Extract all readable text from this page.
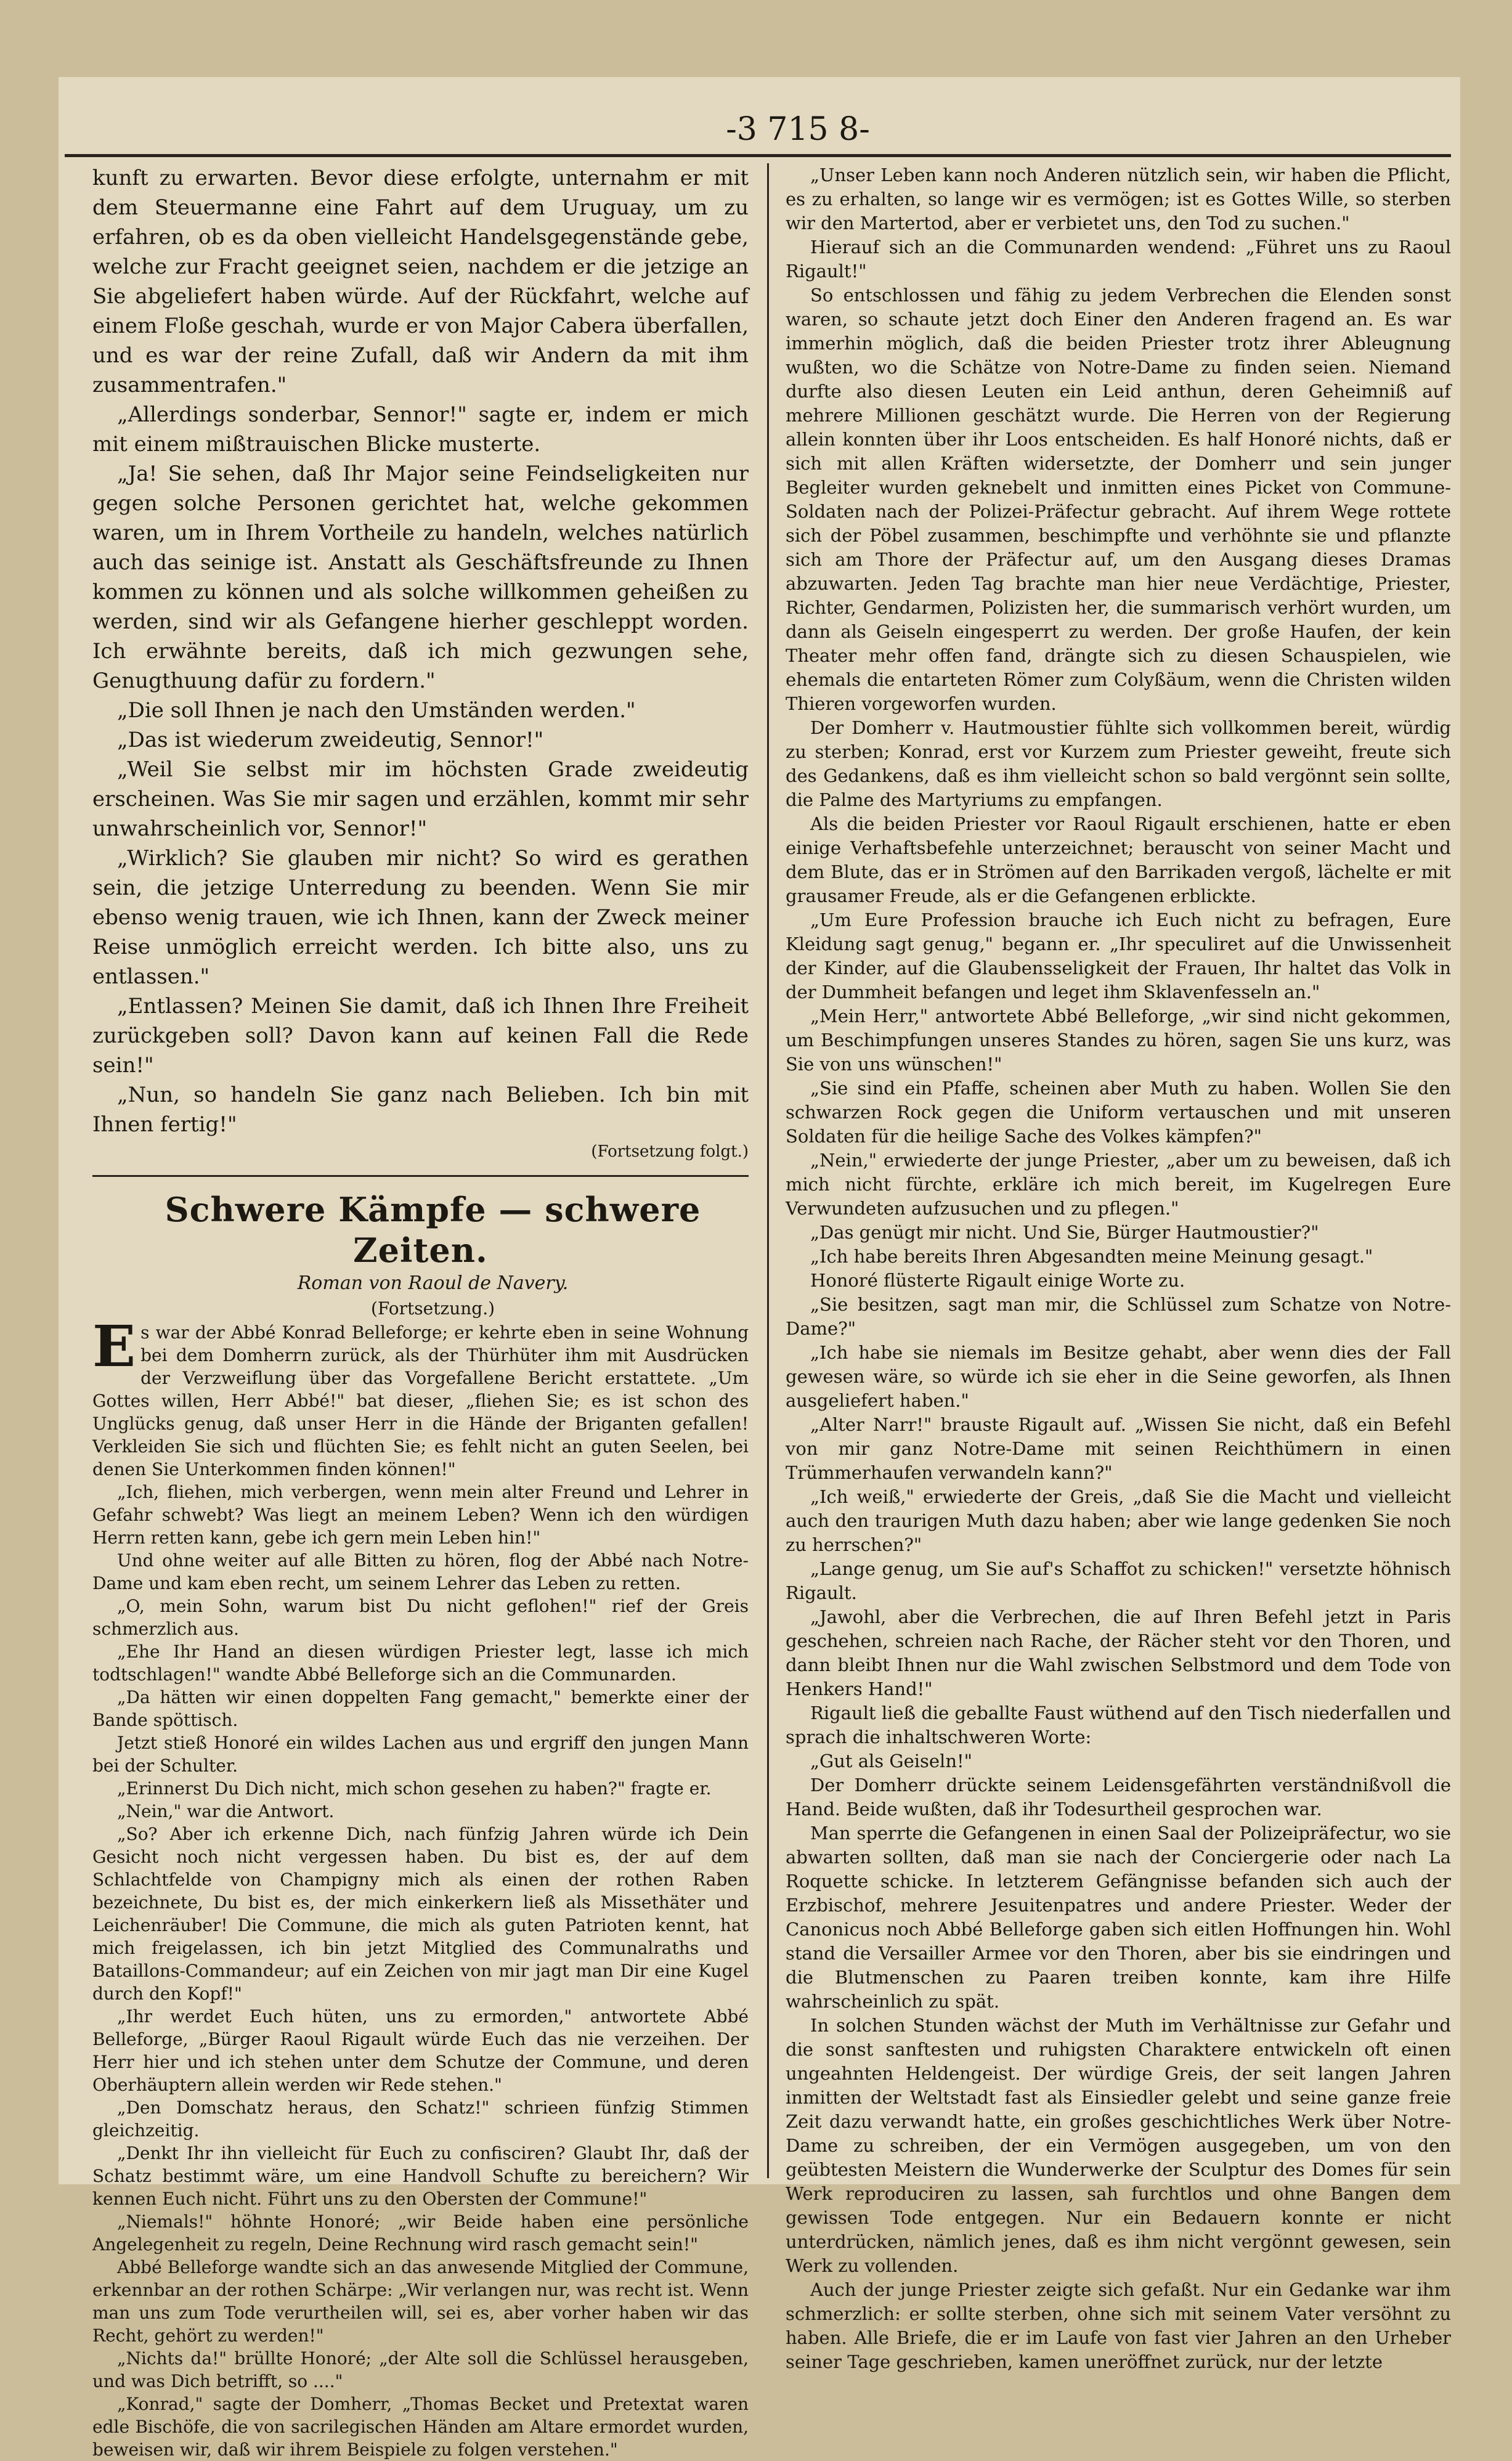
-3 715 8-

kunft zu erwarten. Bevor diese erfolgte, unternahm er mit dem Steuermanne eine Fahrt auf dem Uruguay, um zu erfahren, ob es da oben vielleicht Handelsgegenstände gebe, welche zur Fracht geeignet seien, nachdem er die jetzige an Sie abgeliefert haben würde. Auf der Rückfahrt, welche auf einem Floße geschah, wurde er von Major Cabera überfallen, und es war der reine Zufall, daß wir Andern da mit ihm zusammentrafen."

„Allerdings sonderbar, Sennor!" sagte er, indem er mich mit einem mißtrauischen Blicke musterte.

„Ja! Sie sehen, daß Ihr Major seine Feindseligkeiten nur gegen solche Personen gerichtet hat, welche gekommen waren, um in Ihrem Vortheile zu handeln, welches natürlich auch das seinige ist. Anstatt als Geschäftsfreunde zu Ihnen kommen zu können und als solche willkommen geheißen zu werden, sind wir als Gefangene hierher geschleppt worden. Ich erwähnte bereits, daß ich mich gezwungen sehe, Genugthuung dafür zu fordern."

„Die soll Ihnen je nach den Umständen werden."

„Das ist wiederum zweideutig, Sennor!"

„Weil Sie selbst mir im höchsten Grade zweideutig erscheinen. Was Sie mir sagen und erzählen, kommt mir sehr unwahrscheinlich vor, Sennor!"

„Wirklich? Sie glauben mir nicht? So wird es gerathen sein, die jetzige Unterredung zu beenden. Wenn Sie mir ebenso wenig trauen, wie ich Ihnen, kann der Zweck meiner Reise unmöglich erreicht werden. Ich bitte also, uns zu entlassen."

„Entlassen? Meinen Sie damit, daß ich Ihnen Ihre Freiheit zurückgeben soll? Davon kann auf keinen Fall die Rede sein!"

„Nun, so handeln Sie ganz nach Belieben. Ich bin mit Ihnen fertig!"

(Fortsetzung folgt.)

Schwere Kämpfe — schwere Zeiten.

Roman von Raoul de Navery.

(Fortsetzung.)

Es war der Abbé Konrad Belleforge; er kehrte eben in seine Wohnung bei dem Domherrn zurück, als der Thürhüter ihm mit Ausdrücken der Verzweiflung über das Vorgefallene Bericht erstattete. „Um Gottes willen, Herr Abbé!" bat dieser, „fliehen Sie; es ist schon des Unglücks genug, daß unser Herr in die Hände der Briganten gefallen! Verkleiden Sie sich und flüchten Sie; es fehlt nicht an guten Seelen, bei denen Sie Unterkommen finden können!"

„Ich, fliehen, mich verbergen, wenn mein alter Freund und Lehrer in Gefahr schwebt? Was liegt an meinem Leben? Wenn ich den würdigen Herrn retten kann, gebe ich gern mein Leben hin!"

Und ohne weiter auf alle Bitten zu hören, flog der Abbé nach Notre-Dame und kam eben recht, um seinem Lehrer das Leben zu retten.

„O, mein Sohn, warum bist Du nicht geflohen!" rief der Greis schmerzlich aus.

„Ehe Ihr Hand an diesen würdigen Priester legt, lasse ich mich todtschlagen!" wandte Abbé Belleforge sich an die Communarden.

„Da hätten wir einen doppelten Fang gemacht," bemerkte einer der Bande spöttisch.

Jetzt stieß Honoré ein wildes Lachen aus und ergriff den jungen Mann bei der Schulter.

„Erinnerst Du Dich nicht, mich schon gesehen zu haben?" fragte er.

„Nein," war die Antwort.

„So? Aber ich erkenne Dich, nach fünfzig Jahren würde ich Dein Gesicht noch nicht vergessen haben. Du bist es, der auf dem Schlachtfelde von Champigny mich als einen der rothen Raben bezeichnete, Du bist es, der mich einkerkern ließ als Missethäter und Leichenräuber! Die Commune, die mich als guten Patrioten kennt, hat mich freigelassen, ich bin jetzt Mitglied des Communalraths und Bataillons-Commandeur; auf ein Zeichen von mir jagt man Dir eine Kugel durch den Kopf!"

„Ihr werdet Euch hüten, uns zu ermorden," antwortete Abbé Belleforge, „Bürger Raoul Rigault würde Euch das nie verzeihen. Der Herr hier und ich stehen unter dem Schutze der Commune, und deren Oberhäuptern allein werden wir Rede stehen."

„Den Domschatz heraus, den Schatz!" schrieen fünfzig Stimmen gleichzeitig.

„Denkt Ihr ihn vielleicht für Euch zu confisciren? Glaubt Ihr, daß der Schatz bestimmt wäre, um eine Handvoll Schufte zu bereichern? Wir kennen Euch nicht. Führt uns zu den Obersten der Commune!"

„Niemals!" höhnte Honoré; „wir Beide haben eine persönliche Angelegenheit zu regeln, Deine Rechnung wird rasch gemacht sein!"

Abbé Belleforge wandte sich an das anwesende Mitglied der Commune, erkennbar an der rothen Schärpe: „Wir verlangen nur, was recht ist. Wenn man uns zum Tode verurtheilen will, sei es, aber vorher haben wir das Recht, gehört zu werden!"

„Nichts da!" brüllte Honoré; „der Alte soll die Schlüssel herausgeben, und was Dich betrifft, so ...."

„Konrad," sagte der Domherr, „Thomas Becket und Pretextat waren edle Bischöfe, die von sacrilegischen Händen am Altare ermordet wurden, beweisen wir, daß wir ihrem Beispiele zu folgen verstehen."

„Unser Leben kann noch Anderen nützlich sein, wir haben die Pflicht, es zu erhalten, so lange wir es vermögen; ist es Gottes Wille, so sterben wir den Martertod, aber er verbietet uns, den Tod zu suchen."

Hierauf sich an die Communarden wendend: „Führet uns zu Raoul Rigault!"

So entschlossen und fähig zu jedem Verbrechen die Elenden sonst waren, so schaute jetzt doch Einer den Anderen fragend an. Es war immerhin möglich, daß die beiden Priester trotz ihrer Ableugnung wußten, wo die Schätze von Notre-Dame zu finden seien. Niemand durfte also diesen Leuten ein Leid anthun, deren Geheimniß auf mehrere Millionen geschätzt wurde. Die Herren von der Regierung allein konnten über ihr Loos entscheiden. Es half Honoré nichts, daß er sich mit allen Kräften widersetzte, der Domherr und sein junger Begleiter wurden geknebelt und inmitten eines Picket von Commune-Soldaten nach der Polizei-Präfectur gebracht. Auf ihrem Wege rottete sich der Pöbel zusammen, beschimpfte und verhöhnte sie und pflanzte sich am Thore der Präfectur auf, um den Ausgang dieses Dramas abzuwarten. Jeden Tag brachte man hier neue Verdächtige, Priester, Richter, Gendarmen, Polizisten her, die summarisch verhört wurden, um dann als Geiseln eingesperrt zu werden. Der große Haufen, der kein Theater mehr offen fand, drängte sich zu diesen Schauspielen, wie ehemals die entarteten Römer zum Colyßäum, wenn die Christen wilden Thieren vorgeworfen wurden.

Der Domherr v. Hautmoustier fühlte sich vollkommen bereit, würdig zu sterben; Konrad, erst vor Kurzem zum Priester geweiht, freute sich des Gedankens, daß es ihm vielleicht schon so bald vergönnt sein sollte, die Palme des Martyriums zu empfangen.

Als die beiden Priester vor Raoul Rigault erschienen, hatte er eben einige Verhaftsbefehle unterzeichnet; berauscht von seiner Macht und dem Blute, das er in Strömen auf den Barrikaden vergoß, lächelte er mit grausamer Freude, als er die Gefangenen erblickte.

„Um Eure Profession brauche ich Euch nicht zu befragen, Eure Kleidung sagt genug," begann er. „Ihr speculiret auf die Unwissenheit der Kinder, auf die Glaubensseligkeit der Frauen, Ihr haltet das Volk in der Dummheit befangen und leget ihm Sklavenfesseln an."

„Mein Herr," antwortete Abbé Belleforge, „wir sind nicht gekommen, um Beschimpfungen unseres Standes zu hören, sagen Sie uns kurz, was Sie von uns wünschen!"

„Sie sind ein Pfaffe, scheinen aber Muth zu haben. Wollen Sie den schwarzen Rock gegen die Uniform vertauschen und mit unseren Soldaten für die heilige Sache des Volkes kämpfen?"

„Nein," erwiederte der junge Priester, „aber um zu beweisen, daß ich mich nicht fürchte, erkläre ich mich bereit, im Kugelregen Eure Verwundeten aufzusuchen und zu pflegen."

„Das genügt mir nicht. Und Sie, Bürger Hautmoustier?"

„Ich habe bereits Ihren Abgesandten meine Meinung gesagt."

Honoré flüsterte Rigault einige Worte zu.

„Sie besitzen, sagt man mir, die Schlüssel zum Schatze von Notre-Dame?"

„Ich habe sie niemals im Besitze gehabt, aber wenn dies der Fall gewesen wäre, so würde ich sie eher in die Seine geworfen, als Ihnen ausgeliefert haben."

„Alter Narr!" brauste Rigault auf. „Wissen Sie nicht, daß ein Befehl von mir ganz Notre-Dame mit seinen Reichthümern in einen Trümmerhaufen verwandeln kann?"

„Ich weiß," erwiederte der Greis, „daß Sie die Macht und vielleicht auch den traurigen Muth dazu haben; aber wie lange gedenken Sie noch zu herrschen?"

„Lange genug, um Sie auf's Schaffot zu schicken!" versetzte höhnisch Rigault.

„Jawohl, aber die Verbrechen, die auf Ihren Befehl jetzt in Paris geschehen, schreien nach Rache, der Rächer steht vor den Thoren, und dann bleibt Ihnen nur die Wahl zwischen Selbstmord und dem Tode von Henkers Hand!"

Rigault ließ die geballte Faust wüthend auf den Tisch niederfallen und sprach die inhaltschweren Worte:

„Gut als Geiseln!"

Der Domherr drückte seinem Leidensgefährten verständnißvoll die Hand. Beide wußten, daß ihr Todesurtheil gesprochen war.

Man sperrte die Gefangenen in einen Saal der Polizeipräfectur, wo sie abwarten sollten, daß man sie nach der Conciergerie oder nach La Roquette schicke. In letzterem Gefängnisse befanden sich auch der Erzbischof, mehrere Jesuitenpatres und andere Priester. Weder der Canonicus noch Abbé Belleforge gaben sich eitlen Hoffnungen hin. Wohl stand die Versailler Armee vor den Thoren, aber bis sie eindringen und die Blutmenschen zu Paaren treiben konnte, kam ihre Hilfe wahrscheinlich zu spät.

In solchen Stunden wächst der Muth im Verhältnisse zur Gefahr und die sonst sanftesten und ruhigsten Charaktere entwickeln oft einen ungeahnten Heldengeist. Der würdige Greis, der seit langen Jahren inmitten der Weltstadt fast als Einsiedler gelebt und seine ganze freie Zeit dazu verwandt hatte, ein großes geschichtliches Werk über Notre-Dame zu schreiben, der ein Vermögen ausgegeben, um von den geübtesten Meistern die Wunderwerke der Sculptur des Domes für sein Werk reproduciren zu lassen, sah furchtlos und ohne Bangen dem gewissen Tode entgegen. Nur ein Bedauern konnte er nicht unterdrücken, nämlich jenes, daß es ihm nicht vergönnt gewesen, sein Werk zu vollenden.

Auch der junge Priester zeigte sich gefaßt. Nur ein Gedanke war ihm schmerzlich: er sollte sterben, ohne sich mit seinem Vater versöhnt zu haben. Alle Briefe, die er im Laufe von fast vier Jahren an den Urheber seiner Tage geschrieben, kamen uneröffnet zurück, nur der letzte
